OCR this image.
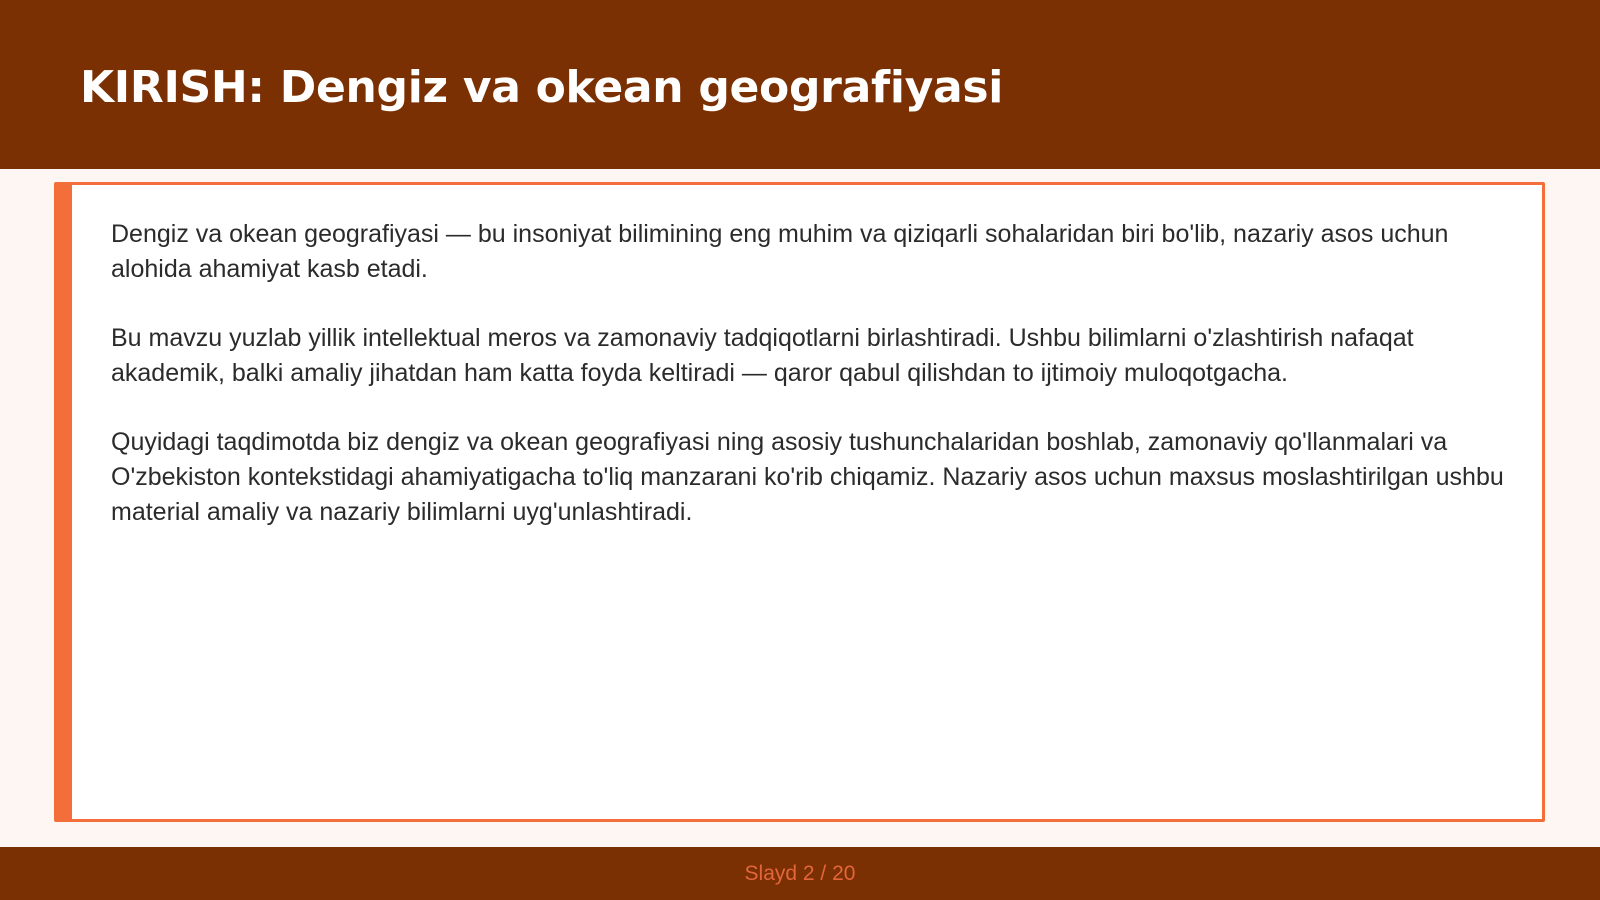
KIRISH: Dengiz va okean geografiyasi

Dengiz va okean geografiyasi — bu insoniyat bilimining eng muhim va qiziqarli sohalaridan biri bo'lib, nazariy asos uchun alohida ahamiyat kasb etadi.

Bu mavzu yuzlab yillik intellektual meros va zamonaviy tadqiqotlarni birlashtiradi. Ushbu bilimlarni o'zlashtirish nafaqat akademik, balki amaliy jihatdan ham katta foyda keltiradi — qaror qabul qilishdan to ijtimoiy muloqotgacha.

Quyidagi taqdimotda biz dengiz va okean geografiyasi ning asosiy tushunchalaridan boshlab, zamonaviy qo'llanmalari va O'zbekiston kontekstidagi ahamiyatigacha to'liq manzarani ko'rib chiqamiz. Nazariy asos uchun maxsus moslashtirilgan ushbu material amaliy va nazariy bilimlarni uyg'unlashtiradi.

Slayd 2 / 20
